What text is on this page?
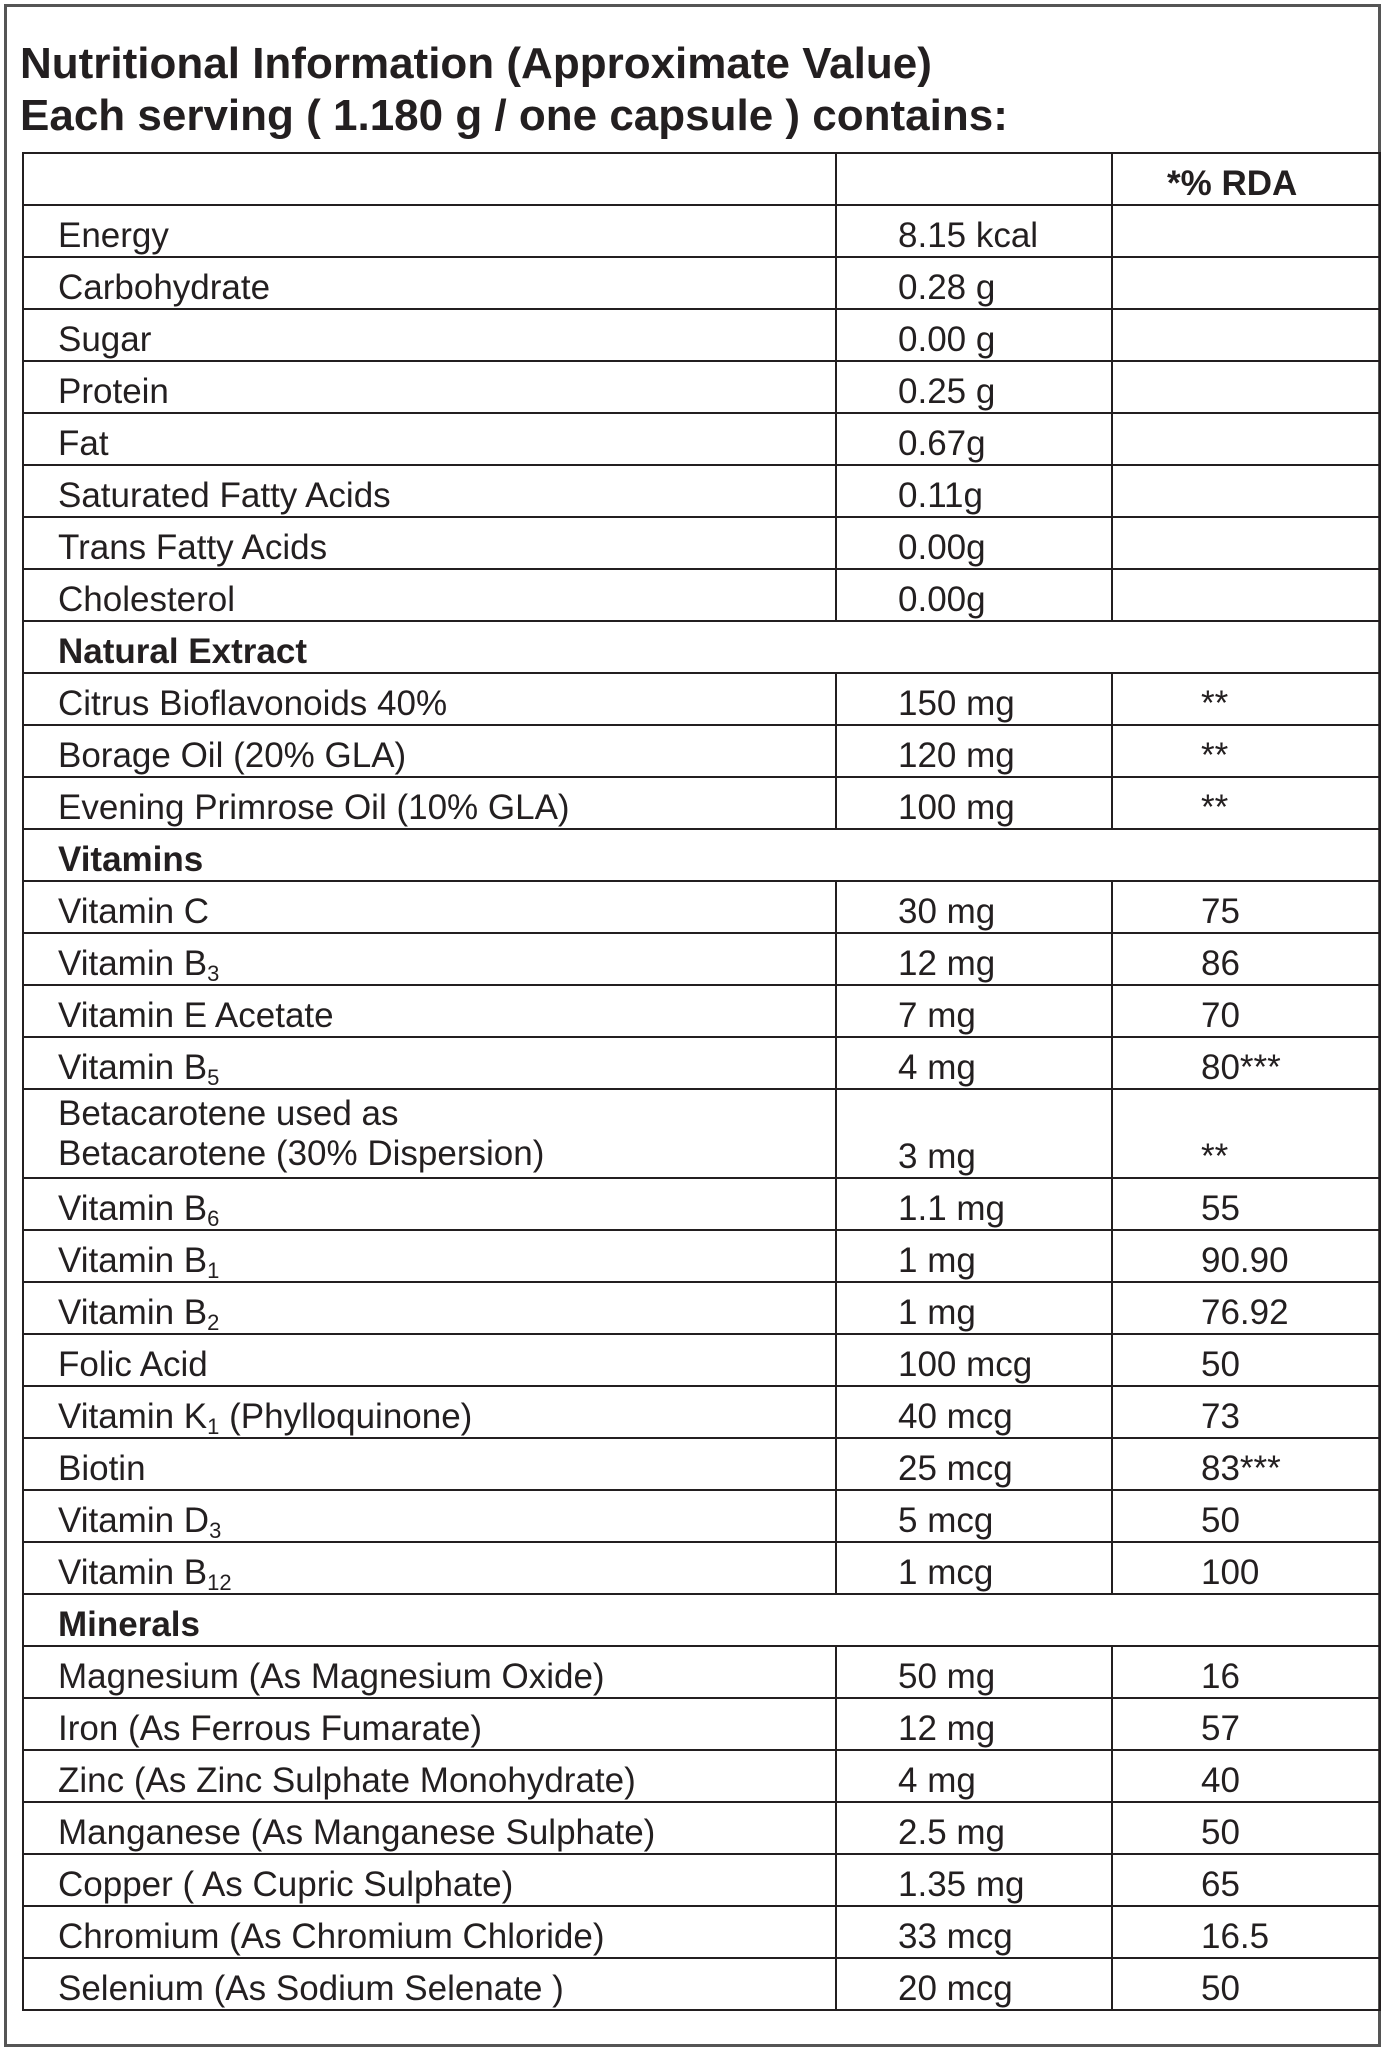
Nutritional Information (Approximate Value)
Each serving ( 1.180 g / one capsule ) contains:
		*% RDA
Energy	8.15 kcal	
Carbohydrate	0.28 g	
Sugar	0.00 g	
Protein	0.25 g	
Fat	0.67g	
Saturated Fatty Acids	0.11g	
Trans Fatty Acids	0.00g	
Cholesterol	0.00g	
Natural Extract		
Citrus Bioflavonoids 40%	150 mg	**
Borage Oil (20% GLA)	120 mg	**
Evening Primrose Oil (10% GLA)	100 mg	**
Vitamins		
Vitamin C	30 mg	75
Vitamin $B_3$	12 mg	86
Vitamin E Acetate	7 mg	70
Vitamin $B_5$	4 mg	80***
Betacarotene used as
Betacarotene (30% Dispersion)	3 mg	**
Vitamin $B_6$	1.1 mg	55
Vitamin $B_1$	1 mg	90.90
Vitamin $B_2$	1 mg	76.92
Folic Acid	100 mcg	50
Vitamin $K_1$ (Phylloquinone)	40 mcg	73
Biotin	25 mcg	83***
Vitamin $D_3$	5 mcg	50
Vitamin $B_{12}$	1 mcg	100
Minerals		
Magnesium (As Magnesium Oxide)	50 mg	16
Iron (As Ferrous Fumarate)	12 mg	57
Zinc (As Zinc Sulphate Monohydrate)	4 mg	40
Manganese (As Manganese Sulphate)	2.5 mg	50
Copper ( As Cupric Sulphate)	1.35 mg	65
Chromium (As Chromium Chloride)	33 mcg	16.5
Selenium (As Sodium Selenate )	20 mcg	50
